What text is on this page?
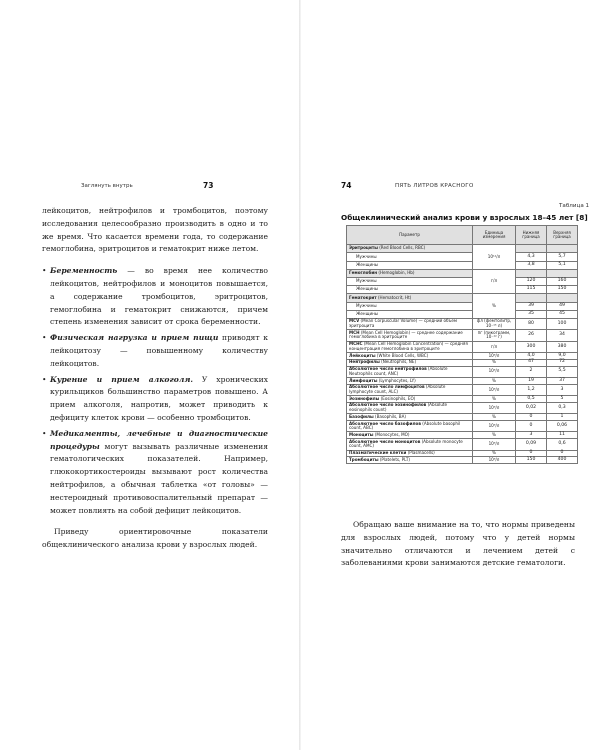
Заглянуть внутрь	73

лейкоцитов, нейтрофилов и тромбоцитов, поэтому исследования целесообразно производить в одно и то же время. Что касается времени года, то содержание гемоглобина, эритроцитов и гематокрит ниже летом.

• Беременность — во время нее количество лейкоцитов, нейтрофилов и моноцитов повышается, а содержание тромбоцитов, эритроцитов, гемоглобина и гематокрит снижаются, причем степень изменения зависит от срока беременности.

• Физическая нагрузка и прием пищи приводят к лейкоцитозу — повышенному количеству лейкоцитов.

• Курение и прием алкоголя. У хронических курильщиков большинство параметров повышено. А прием алкоголя, напротив, может приводить к дефициту клеток крови — особенно тромбоцитов.

• Медикаменты, лечебные и диагностические процедуры могут вызывать различные изменения гематологических показателей. Например, глюкокортикостероиды вызывают рост количества нейтрофилов, а обычная таблетка «от головы» — нестероидный противовоспалительный препарат — может повлиять на собой дефицит лейкоцитов.

Приведу ориентировочные показатели общеклинического анализа крови у взрослых людей.

74	ПЯТЬ ЛИТРОВ КРАСНОГО
Таблица 1
Общеклинический анализ крови у взрослых 18–45 лет [8]
Параметр	Единица измерения	Нижняя граница	Верхняя граница
Эритроциты (Red Blood Cells, RBC)	10¹²/л		
Мужчины		4,3	5,7
Женщины		3,8	5,1
Гемоглобин (Hemoglobin, Hb)	г/л		
Мужчины		120	160
Женщины		115	150
Гематокрит (Hematocrit, Ht)	%		
Мужчины		39	49
Женщины		35	45
MCV (Mean Corpuscular Volume) — средний объем эритроцита	фл (фемтолитр, 10⁻¹⁵ л)	80	100
MCH (Mean Cell Hemoglobin) — среднее содержание гемоглобина в эритроците	пг (пикограмм, 10⁻¹² г)	26	34
MCHC (Mean Cell Hemoglobin Concentration) — средняя концентрация гемоглобина в эритроците	г/л	300	380
Лейкоциты (White Blood Cells, WBC)	10⁹/л	4,0	9,0
Нейтрофилы (Neutrophils, NE)	%	47	72
Абсолютное число нейтрофилов (Absolute Neutrophils count, ANC)	10⁹/л	2	5,5
Лимфоциты (Lymphocytes, LY)	%	19	37
Абсолютное число лимфоцитов (Absolute lymphocyte count, ALC)	10⁹/л	1,2	3
Эозинофилы (Eosinophils, EO)	%	0,5	5
Абсолютное число эозинофилов (Absolute eosinophils count)	10⁹/л	0,02	0,3
Базофилы (Basophils, BA)	%	0	1
Абсолютное число базофилов (Absolute basophil count, ABC)	10⁹/л	0	0,06
Моноциты (Monocytes, MO)	%	3	11
Абсолютное число моноцитов (Absolute monocyte count, AMC)	10⁹/л	0,09	0,6
Плазматические клетки (Plasmacells)	%	0	0
Тромбоциты (Platelets, PLT)	10⁹/л	150	400

Обращаю ваше внимание на то, что нормы приведены для взрослых людей, потому что у детей нормы значительно отличаются и лечением детей с заболеваниями крови занимаются детские гематологи.
